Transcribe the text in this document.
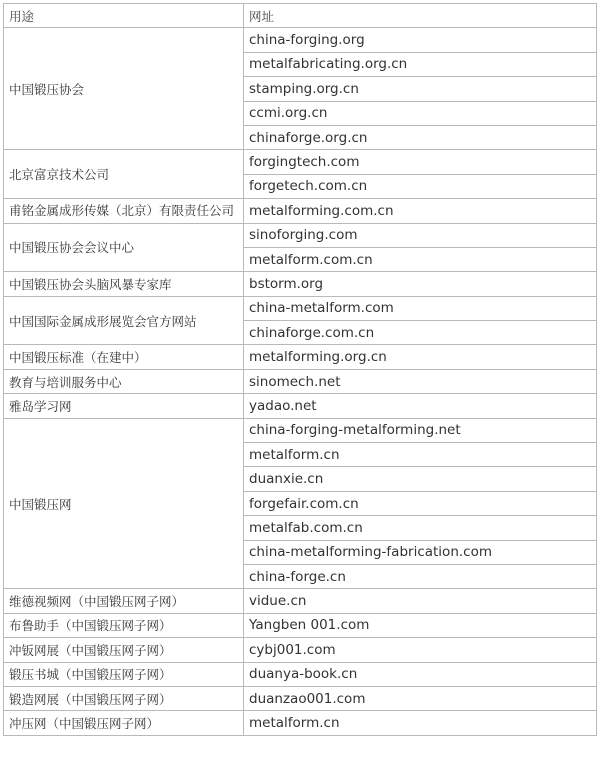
用途	网址
中国锻压协会	china-forging.org
	metalfabricating.org.cn
	stamping.org.cn
	ccmi.org.cn
	chinaforge.org.cn
北京富京技术公司	forgingtech.com
	forgetech.com.cn
甫铭金属成形传媒（北京）有限责任公司	metalforming.com.cn
中国锻压协会会议中心	sinoforging.com
	metalform.com.cn
中国锻压协会头脑风暴专家库	bstorm.org
中国国际金属成形展览会官方网站	china-metalform.com
	chinaforge.com.cn
中国锻压标准（在建中）	metalforming.org.cn
教育与培训服务中心	sinomech.net
雅岛学习网	yadao.net
中国锻压网	china-forging-metalforming.net
	metalform.cn
	duanxie.cn
	forgefair.com.cn
	metalfab.com.cn
	china-metalforming-fabrication.com
	china-forge.cn
维德视频网（中国锻压网子网）	vidue.cn
布鲁助手（中国锻压网子网）	Yangben 001.com
冲钣网展（中国锻压网子网）	cybj001.com
锻压书城（中国锻压网子网）	duanya-book.cn
锻造网展（中国锻压网子网）	duanzao001.com
冲压网（中国锻压网子网）	metalform.cn
